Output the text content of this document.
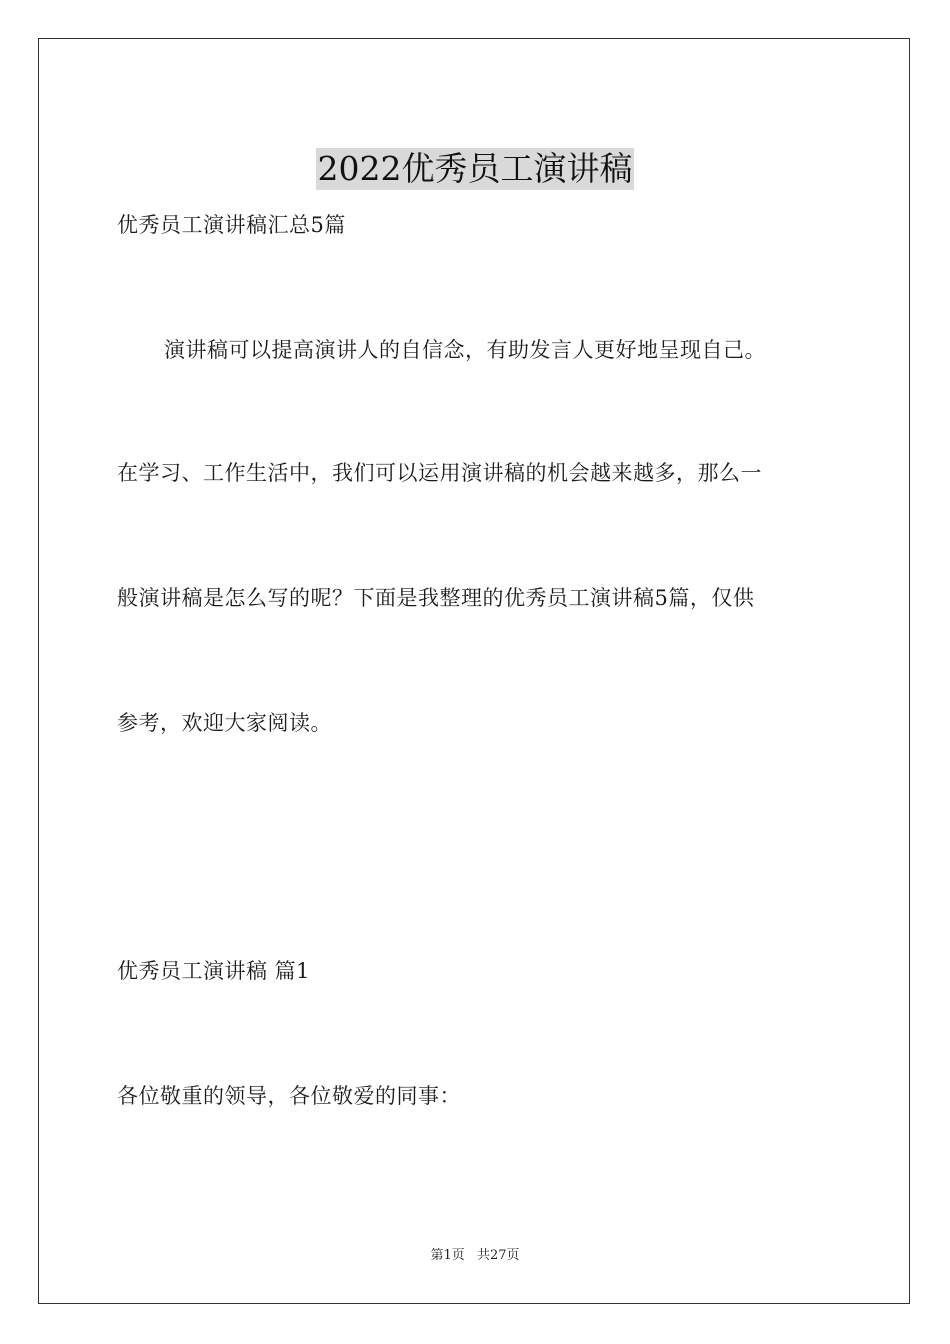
2022优秀员工演讲稿
优秀员工演讲稿汇总5篇
演讲稿可以提高演讲人的自信念，有助发言人更好地呈现自己。
在学习、工作生活中，我们可以运用演讲稿的机会越来越多，那么一
般演讲稿是怎么写的呢？下面是我整理的优秀员工演讲稿5篇，仅供
参考，欢迎大家阅读。
优秀员工演讲稿 篇1
各位敬重的领导，各位敬爱的同事：
第1页 共27页
